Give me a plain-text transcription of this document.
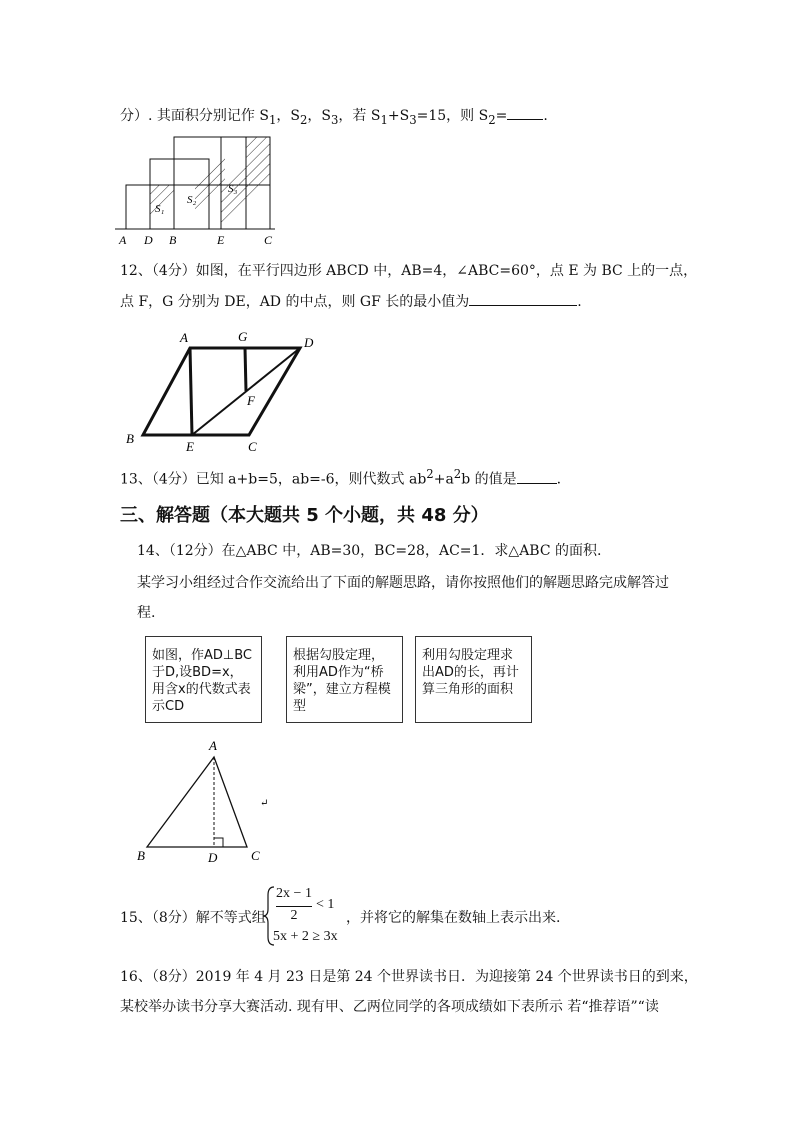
分）. 其面积分别记作 $S_1$，$S_2$，$S_3$，若 $S_1+S_3=15$，则 $S_2=$	.
S₁
S₂
S₃
A D B	E	C
12、（4分）如图，在平行四边形 ABCD 中，AB=4，∠ABC=60°，点 E 为 BC 上的一点，
点 F，G 分别为 DE，AD 的中点，则 GF 长的最小值为	.
A	G	D
F
B
E	C
13、（4分）已知 a+b=5，ab=-6，则代数式 $ab^2+a^2b$ 的值是	.
三、解答题（本大题共 5 个小题，共 48 分）
14、（12分）在△ABC 中，AB=30，BC=28，AC=1．求△ABC 的面积.
某学习小组经过合作交流给出了下面的解题思路，请你按照他们的解题思路完成解答过
程.
如图，作AD⊥BC于D,设BD=x，用含x的代数式表示CD
根据勾股定理，利用AD作为“桥梁”，建立方程模型
利用勾股定理求出AD的长，再计算三角形的面积
A
B	D	C
↵
15、（8分）解不等式组
2x − 1
2
< 1
5x + 2 ≥ 3x
，并将它的解集在数轴上表示出来.
16、（8分）2019 年 4 月 23 日是第 24 个世界读书日．为迎接第 24 个世界读书日的到来，
某校举办读书分享大赛活动. 现有甲、乙两位同学的各项成绩如下表所示 若“推荐语”“读
